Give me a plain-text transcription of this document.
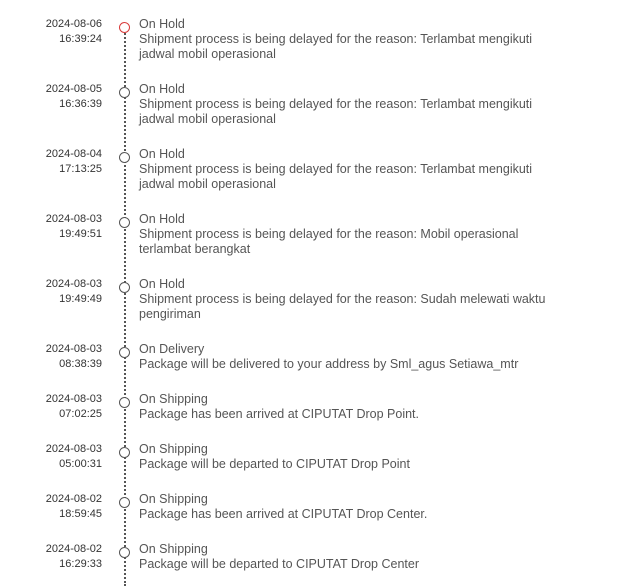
2024-08-06
16:39:24
On Hold
Shipment process is being delayed for the reason: Terlambat mengikuti jadwal mobil operasional
2024-08-05
16:36:39
On Hold
Shipment process is being delayed for the reason: Terlambat mengikuti jadwal mobil operasional
2024-08-04
17:13:25
On Hold
Shipment process is being delayed for the reason: Terlambat mengikuti jadwal mobil operasional
2024-08-03
19:49:51
On Hold
Shipment process is being delayed for the reason: Mobil operasional terlambat berangkat
2024-08-03
19:49:49
On Hold
Shipment process is being delayed for the reason: Sudah melewati waktu pengiriman
2024-08-03
08:38:39
On Delivery
Package will be delivered to your address by Sml_agus Setiawa_mtr
2024-08-03
07:02:25
On Shipping
Package has been arrived at CIPUTAT Drop Point.
2024-08-03
05:00:31
On Shipping
Package will be departed to CIPUTAT Drop Point
2024-08-02
18:59:45
On Shipping
Package has been arrived at CIPUTAT Drop Center.
2024-08-02
16:29:33
On Shipping
Package will be departed to CIPUTAT Drop Center
